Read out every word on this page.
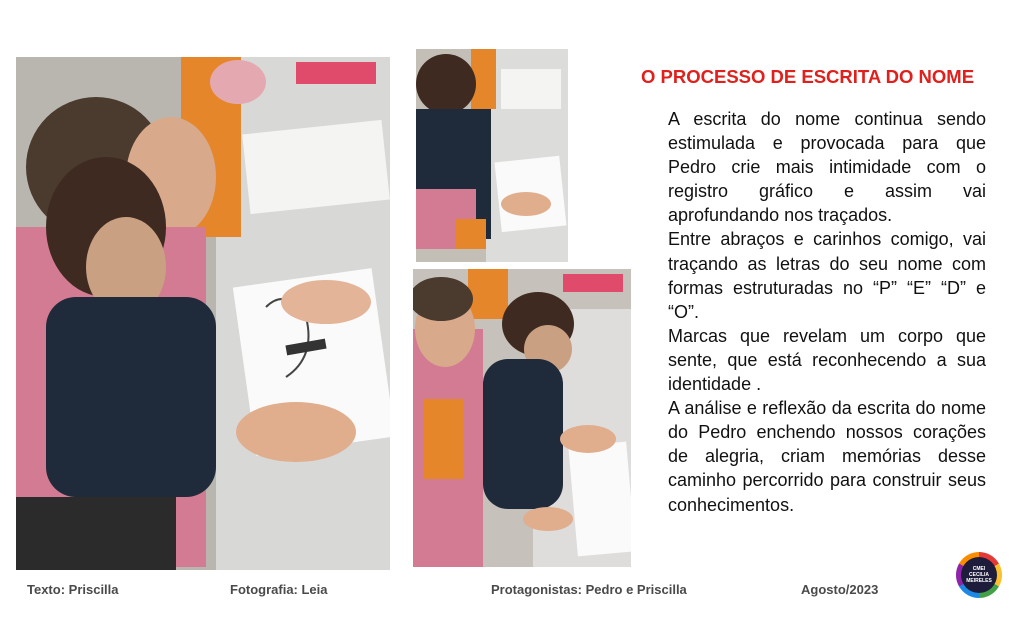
O PROCESSO DE ESCRITA DO NOME
A escrita do nome continua sendo estimulada e provocada para que Pedro crie mais intimidade com o registro gráfico e assim vai aprofundando nos traçados.
Entre abraços e carinhos comigo, vai traçando as letras do seu nome com formas estruturadas no “P” “E” “D” e “O”.
Marcas que revelam um corpo que sente, que está reconhecendo a sua identidade .
A análise e reflexão da escrita do nome do Pedro enchendo nossos corações de alegria, criam memórias desse caminho percorrido para construir seus conhecimentos.
Texto: Priscilla	Fotografia: Leia	Protagonistas: Pedro e Priscilla	Agosto/2023
CMEI
CECILIA
MEIRELES
